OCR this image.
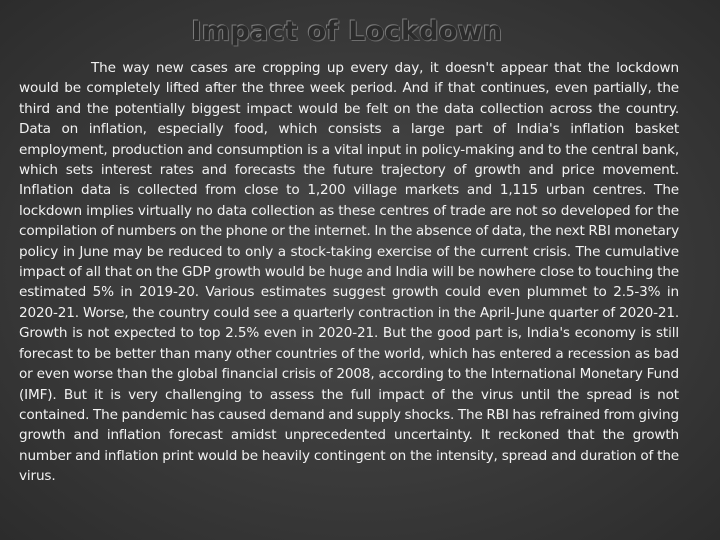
Impact of Lockdown

The way new cases are cropping up every day, it doesn't appear that the lockdown would be completely lifted after the three week period. And if that continues, even partially, the third and the potentially biggest impact would be felt on the data collection across the country. Data on inflation, especially food, which consists a large part of India's inflation basket employment, production and consumption is a vital input in policy-making and to the central bank, which sets interest rates and forecasts the future trajectory of growth and price movement. Inflation data is collected from close to 1,200 village markets and 1,115 urban centres. The lockdown implies virtually no data collection as these centres of trade are not so developed for the compilation of numbers on the phone or the internet. In the absence of data, the next RBI monetary policy in June may be reduced to only a stock-taking exercise of the current crisis. The cumulative impact of all that on the GDP growth would be huge and India will be nowhere close to touching the estimated 5% in 2019-20. Various estimates suggest growth could even plummet to 2.5-3% in 2020-21. Worse, the country could see a quarterly contraction in the April-June quarter of 2020-21. Growth is not expected to top 2.5% even in 2020-21. But the good part is, India's economy is still forecast to be better than many other countries of the world, which has entered a recession as bad or even worse than the global financial crisis of 2008, according to the International Monetary Fund (IMF). But it is very challenging to assess the full impact of the virus until the spread is not contained. The pandemic has caused demand and supply shocks. The RBI has refrained from giving growth and inflation forecast amidst unprecedented uncertainty. It reckoned that the growth number and inflation print would be heavily contingent on the intensity, spread and duration of the virus.
